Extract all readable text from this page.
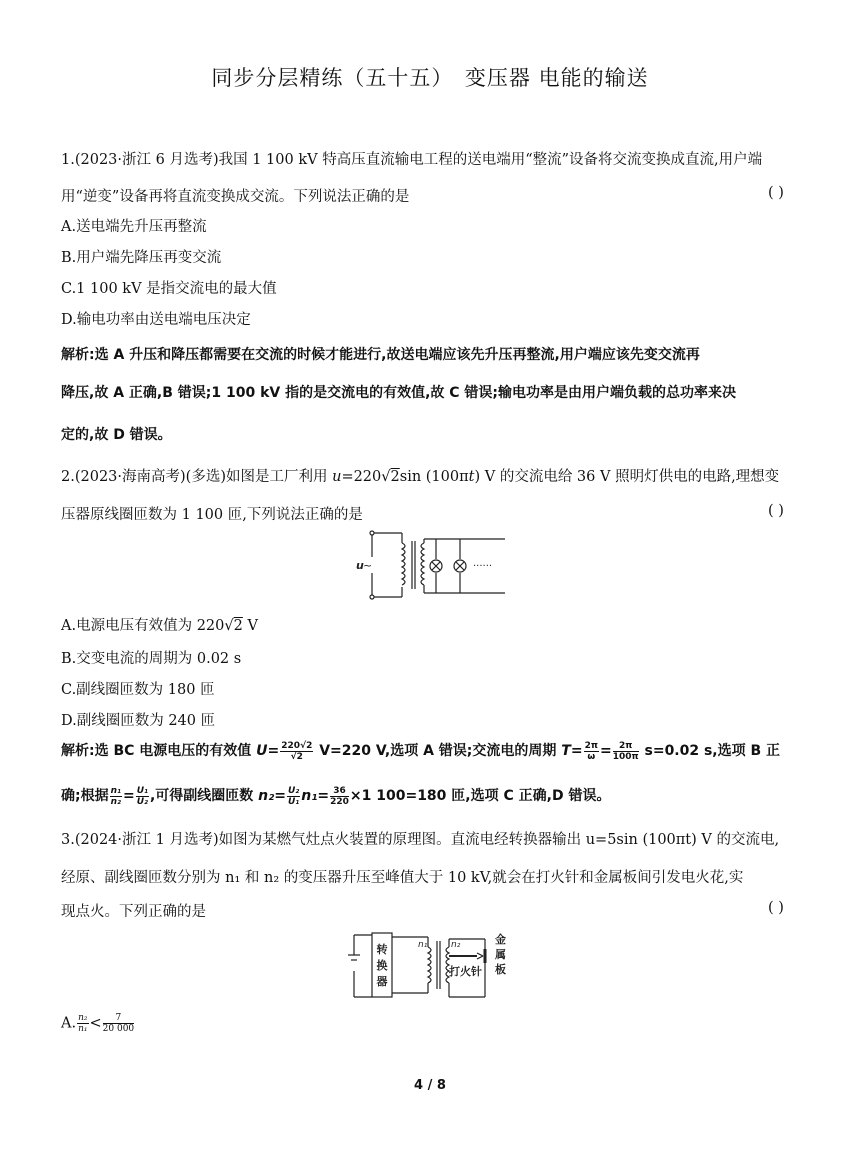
同步分层精练（五十五）　变压器 电能的输送
1.(2023·浙江 6 月选考)我国 1 100 kV 特高压直流输电工程的送电端用“整流”设备将交流变换成直流,用户端
用“逆变”设备再将直流变换成交流。下列说法正确的是	( )
A.送电端先升压再整流
B.用户端先降压再变交流
C.1 100 kV 是指交流电的最大值
D.输电功率由送电端电压决定
解析:选 A 升压和降压都需要在交流的时候才能进行,故送电端应该先升压再整流,用户端应该先变交流再
降压,故 A 正确,B 错误;1 100 kV 指的是交流电的有效值,故 C 错误;输电功率是由用户端负载的总功率来决
定的,故 D 错误。
2.(2023·海南高考)(多选)如图是工厂利用 u=220√2sin (100πt) V 的交流电给 36 V 照明灯供电的电路,理想变
压器原线圈匝数为 1 100 匝,下列说法正确的是	( )
u ~	······
A.电源电压有效值为 220√2 V
B.交变电流的周期为 0.02 s
C.副线圈匝数为 180 匝
D.副线圈匝数为 240 匝
解析:选 BC 电源电压的有效值 $U= \frac{220√2}{√2} V=220$ V,选项 A 错误;交流电的周期 $T= \frac{2\pi}{\omega} = \frac{2\pi}{100\pi} s=0.02$ s,选项 B 正
确;根据 $\frac{\text{n₁}}{\text{n₂}} = \frac{\text{U₁}}{\text{U₂}}$ ,可得副线圈匝数 $n_2= \frac{\text{U₂}}{\text{U₁}} n_1= \frac{36}{220} \times 1$ 100=180 匝,选项 C 正确,D 错误。
3.(2024·浙江 1 月选考)如图为某燃气灶点火装置的原理图。直流电经转换器输出 u=5sin (100πt) V 的交流电,
经原、副线圈匝数分别为 n₁ 和 n₂ 的变压器升压至峰值大于 10 kV,就会在打火针和金属板间引发电火花,实
现点火。下列正确的是	( )
转
换
器
n₁	n₂
打火针
金
属
板
A. $\frac{\text{n₂}}{\text{n₁}} < \frac{7}{20 000}$
4 / 8
